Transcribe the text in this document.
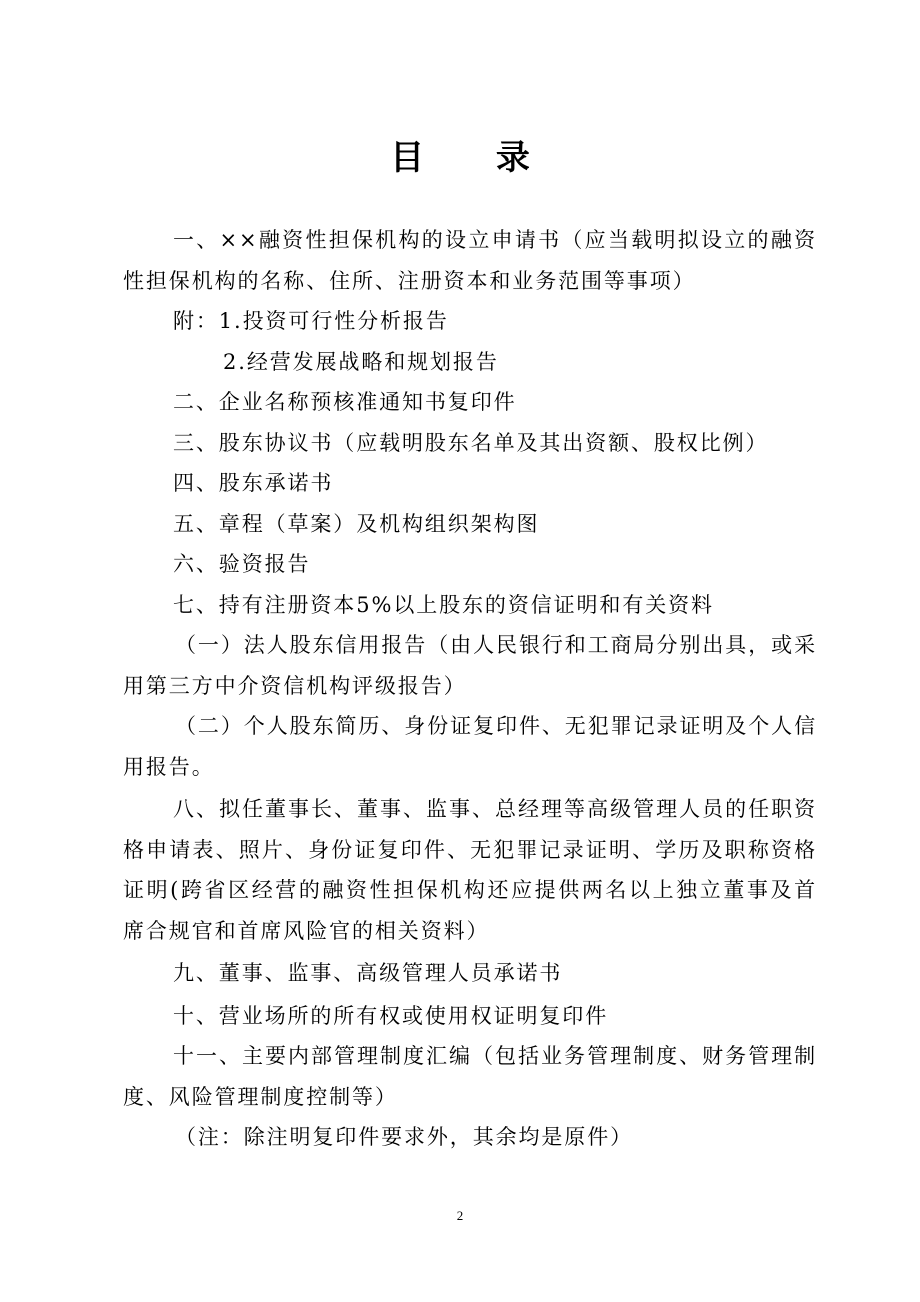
目 录

一、××融资性担保机构的设立申请书（应当载明拟设立的融资性担保机构的名称、住所、注册资本和业务范围等事项）

附：1.投资可行性分析报告

2.经营发展战略和规划报告

二、企业名称预核准通知书复印件

三、股东协议书（应载明股东名单及其出资额、股权比例）

四、股东承诺书

五、章程（草案）及机构组织架构图

六、验资报告

七、持有注册资本5%以上股东的资信证明和有关资料

（一）法人股东信用报告（由人民银行和工商局分别出具，或采用第三方中介资信机构评级报告）

（二）个人股东简历、身份证复印件、无犯罪记录证明及个人信用报告。

八、拟任董事长、董事、监事、总经理等高级管理人员的任职资格申请表、照片、身份证复印件、无犯罪记录证明、学历及职称资格证明(跨省区经营的融资性担保机构还应提供两名以上独立董事及首席合规官和首席风险官的相关资料）

九、董事、监事、高级管理人员承诺书

十、营业场所的所有权或使用权证明复印件

十一、主要内部管理制度汇编（包括业务管理制度、财务管理制度、风险管理制度控制等）

（注：除注明复印件要求外，其余均是原件）

2
